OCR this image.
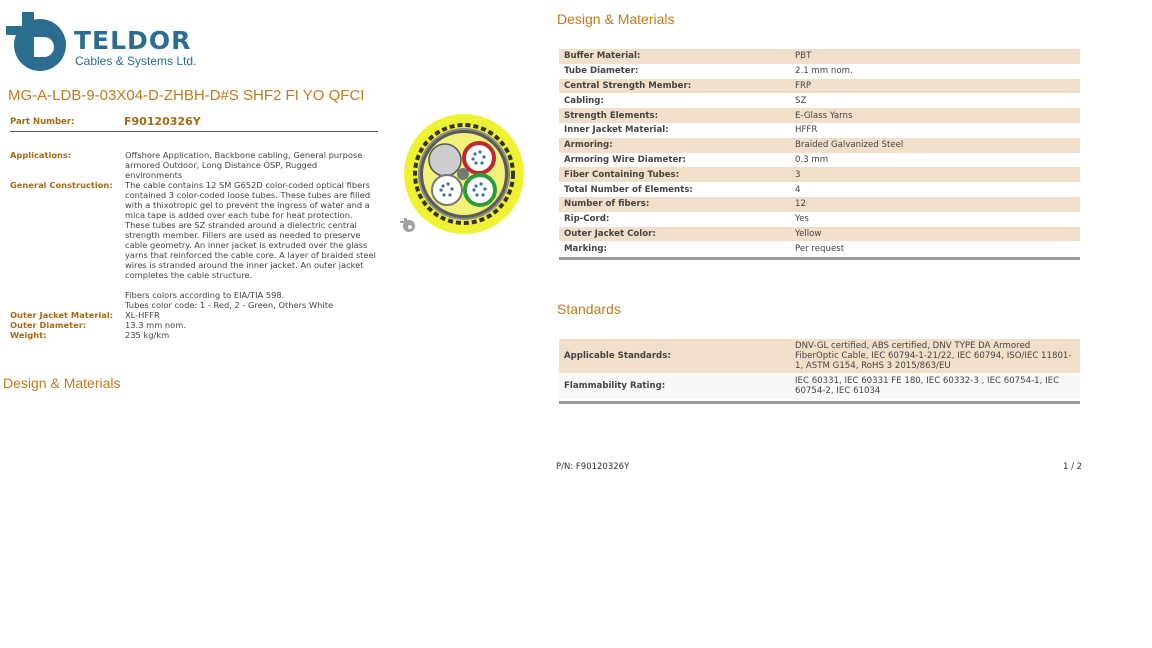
TELDOR
Cables & Systems Ltd.
MG-A-LDB-9-03X04-D-ZHBH-D#S SHF2 FI YO QFCI
Part Number:	F90120326Y
Applications:	Offshore Application, Backbone cabling, General purpose
armored Outdoor, Long Distance OSP, Rugged
environments
General Construction:	The cable contains 12 SM G652D color-coded optical fibers
contained 3 color-coded loose tubes. These tubes are filled
with a thixotropic gel to prevent the ingress of water and a
mica tape is added over each tube for heat protection.
These tubes are SZ stranded around a dielectric central
strength member. Fillers are used as needed to preserve
cable geometry. An inner jacket is extruded over the glass
yarns that reinforced the cable core. A layer of braided steel
wires is stranded around the inner jacket. An outer jacket
completes the cable structure.

Fibers colors according to EIA/TIA 598.
Tubes color code: 1 - Red, 2 - Green, Others White
Outer Jacket Material:	XL-HFFR
Outer Diameter:	13.3 mm nom.
Weight:	235 kg/km
Design & Materials
Design & Materials
Buffer Material:	PBT
Tube Diameter:	2.1 mm nom.
Central Strength Member:	FRP
Cabling:	SZ
Strength Elements:	E-Glass Yarns
Inner Jacket Material:	HFFR
Armoring:	Braided Galvanized Steel
Armoring Wire Diameter:	0.3 mm
Fiber Containing Tubes:	3
Total Number of Elements:	4
Number of fibers:	12
Rip-Cord:	Yes
Outer Jacket Color:	Yellow
Marking:	Per request
Standards
Applicable Standards:	DNV-GL certified, ABS certified, DNV TYPE DA Armored FiberOptic Cable, IEC 60794-1-21/22, IEC 60794, ISO/IEC 11801-1, ASTM G154, RoHS 3 2015/863/EU
Flammability Rating:	IEC 60331, IEC 60331 FE 180, IEC 60332-3 , IEC 60754-1, IEC 60754-2, IEC 61034
P/N: F90120326Y	1 / 2
